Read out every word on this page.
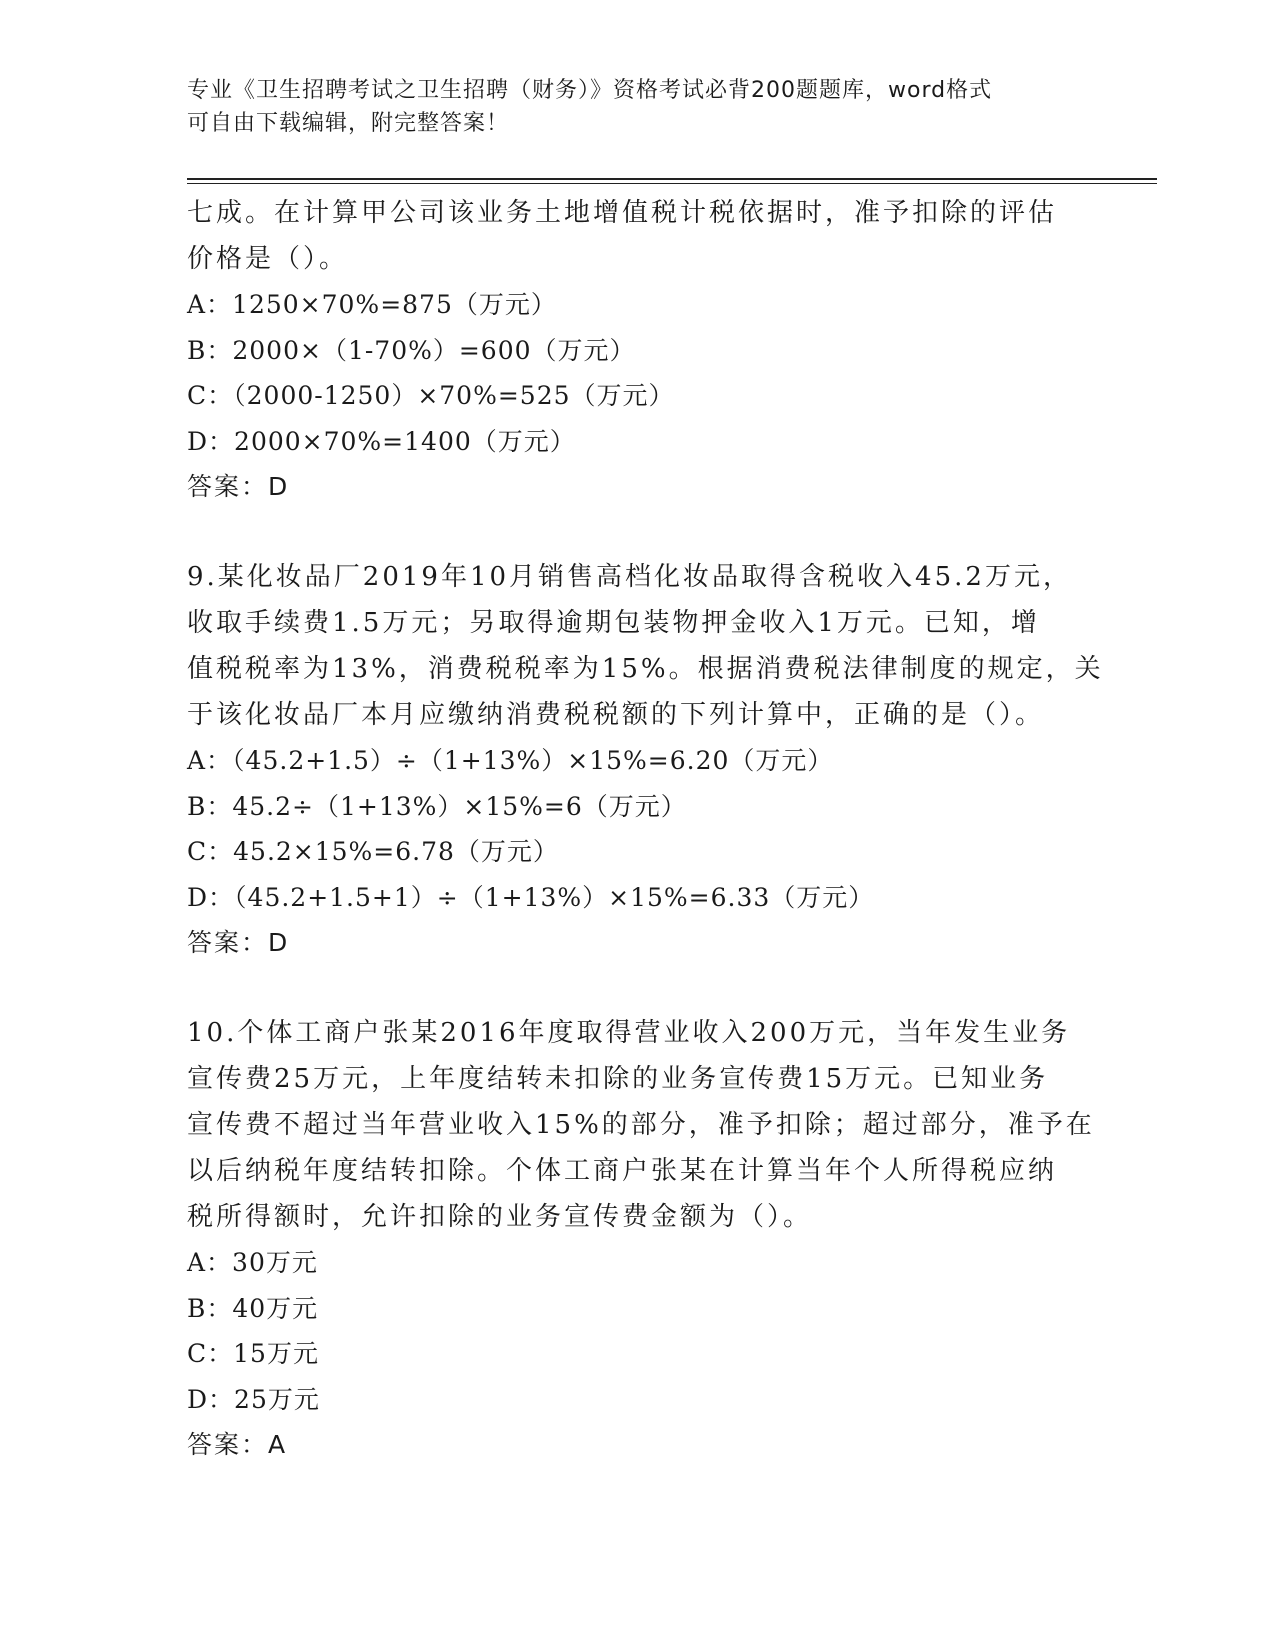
专业《卫生招聘考试之卫生招聘（财务）》资格考试必背200题题库，word格式
可自由下载编辑，附完整答案！
七成。在计算甲公司该业务土地增值税计税依据时，准予扣除的评估
价格是（）。
A：1250×70%=875（万元）
B：2000×（1-70%）=600（万元）
C：（2000-1250）×70%=525（万元）
D：2000×70%=1400（万元）
答案：D
9.某化妆品厂2019年10月销售高档化妆品取得含税收入45.2万元，
收取手续费1.5万元；另取得逾期包装物押金收入1万元。已知，增
值税税率为13%，消费税税率为15%。根据消费税法律制度的规定，关
于该化妆品厂本月应缴纳消费税税额的下列计算中，正确的是（）。
A：（45.2+1.5）÷（1+13%）×15%=6.20（万元）
B：45.2÷（1+13%）×15%=6（万元）
C：45.2×15%=6.78（万元）
D：（45.2+1.5+1）÷（1+13%）×15%=6.33（万元）
答案：D
10.个体工商户张某2016年度取得营业收入200万元，当年发生业务
宣传费25万元，上年度结转未扣除的业务宣传费15万元。已知业务
宣传费不超过当年营业收入15%的部分，准予扣除；超过部分，准予在
以后纳税年度结转扣除。个体工商户张某在计算当年个人所得税应纳
税所得额时，允许扣除的业务宣传费金额为（）。
A：30万元
B：40万元
C：15万元
D：25万元
答案：A
